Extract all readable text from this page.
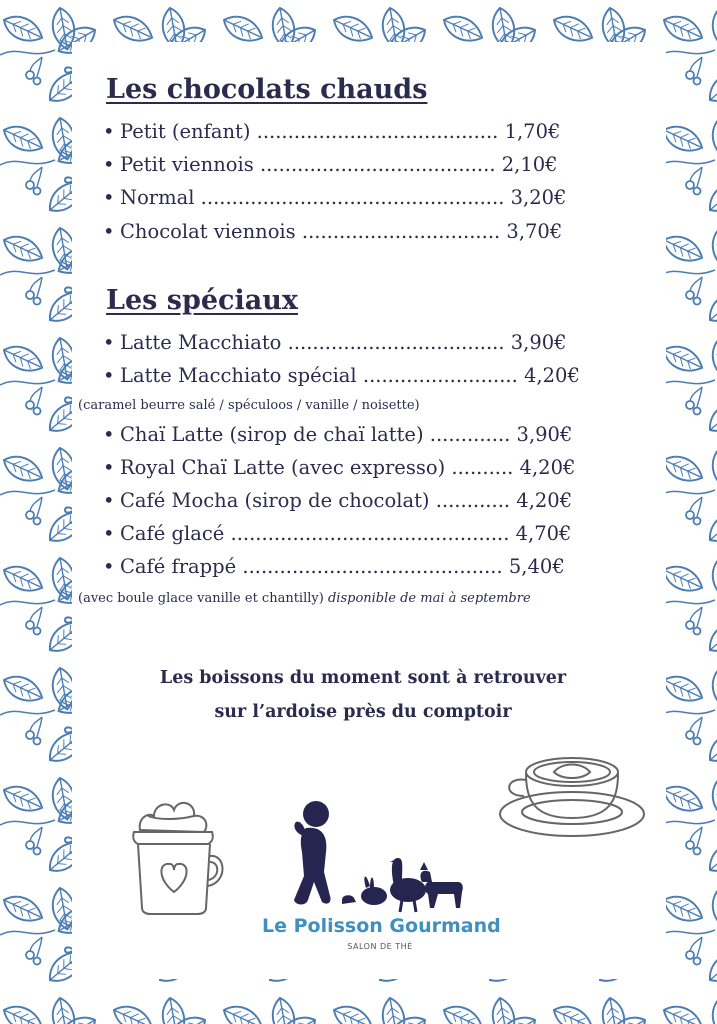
Les chocolats chauds
• Petit (enfant) ....................................... 1,70€
• Petit viennois ...................................... 2,10€
• Normal ................................................. 3,20€
• Chocolat viennois ................................ 3,70€
Les spéciaux
• Latte Macchiato ................................... 3,90€
• Latte Macchiato spécial ......................... 4,20€
(caramel beurre salé / spéculoos / vanille / noisette)
• Chaï Latte (sirop de chaï latte) ............. 3,90€
• Royal Chaï Latte (avec expresso) .......... 4,20€
• Café Mocha (sirop de chocolat) ............ 4,20€
• Café glacé ............................................. 4,70€
• Café frappé .......................................... 5,40€
(avec boule glace vanille et chantilly) disponible de mai à septembre
Les boissons du moment sont à retrouver
sur l’ardoise près du comptoir
Le Polisson Gourmand
SALON DE THÉ
